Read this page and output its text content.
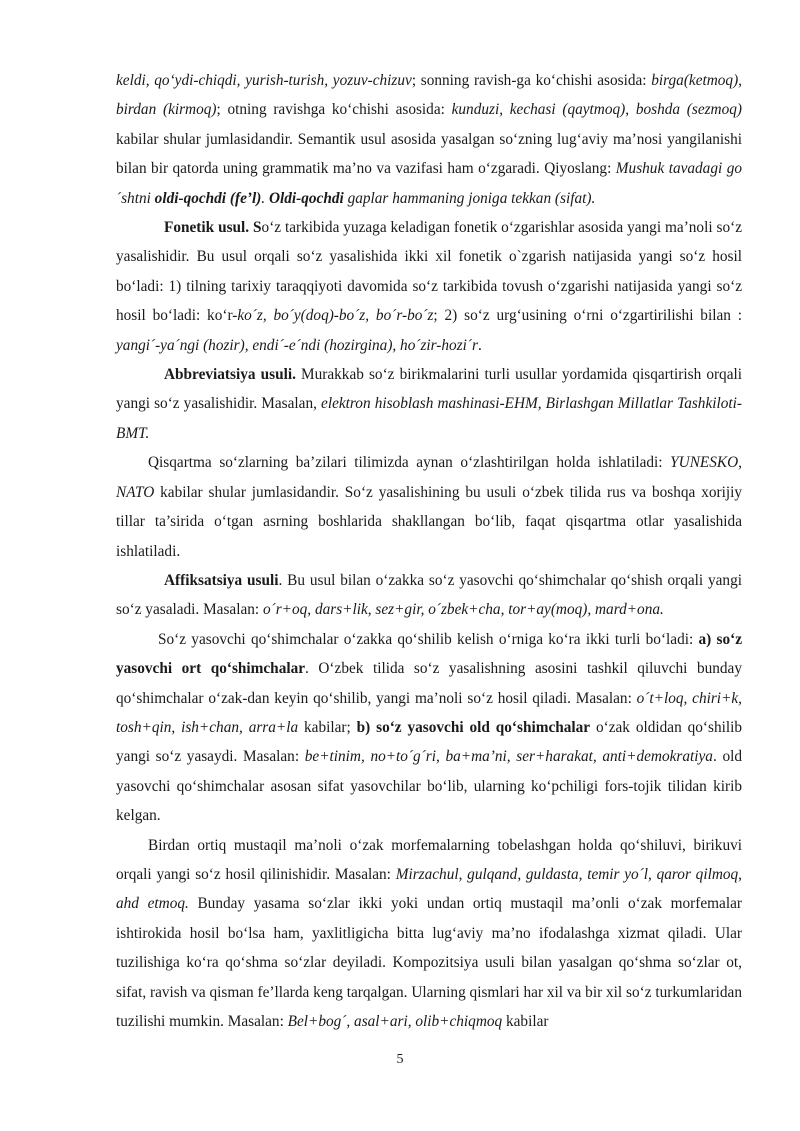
keldi, qo‘ydi-chiqdi, yurish-turish, yozuv-chizuv; sonning ravish-ga ko‘chishi asosida: birga(ketmoq), birdan (kirmoq); otning ravishga ko‘chishi asosida: kunduzi, kechasi (qaytmoq), boshda (sezmoq) kabilar shular jumlasidandir. Semantik usul asosida yasalgan so‘zning lug‘aviy ma’nosi yangilanishi bilan bir qatorda uning grammatik ma’no va vazifasi ham o‘zgaradi. Qiyoslang: Mushuk tavadagi go´shtni oldi-qochdi (fe’l). Oldi-qochdi gaplar hammaning joniga tekkan (sifat).

Fonetik usul. So‘z tarkibida yuzaga keladigan fonetik o‘zgarishlar asosida yangi ma’noli so‘z yasalishidir. Bu usul orqali so‘z yasalishida ikki xil fonetik o`zgarish natijasida yangi so‘z hosil bo‘ladi: 1) tilning tarixiy taraqqiyoti davomida so‘z tarkibida tovush o‘zgarishi natijasida yangi so‘z hosil bo‘ladi: ko‘r-ko´z, bo´y(doq)-bo´z, bo´r-bo´z; 2) so‘z urg‘usining o‘rni o‘zgartirilishi bilan : yangi´-ya´ngi (hozir), endi´-e´ndi (hozirgina), ho´zir-hozi´r.

Abbreviatsiya usuli. Murakkab so‘z birikmalarini turli usullar yordamida qisqartirish orqali yangi so‘z yasalishidir. Masalan, elektron hisoblash mashinasi-EHM, Birlashgan Millatlar Tashkiloti-BMT.

Qisqartma so‘zlarning ba’zilari tilimizda aynan o‘zlashtirilgan holda ishlatiladi: YUNESKO, NATO kabilar shular jumlasidandir. So‘z yasalishining bu usuli o‘zbek tilida rus va boshqa xorijiy tillar ta’sirida o‘tgan asrning boshlarida shakllangan bo‘lib, faqat qisqartma otlar yasalishida ishlatiladi.

Affiksatsiya usuli. Bu usul bilan o‘zakka so‘z yasovchi qo‘shimchalar qo‘shish orqali yangi so‘z yasaladi. Masalan: o´r+oq, dars+lik, sez+gir, o´zbek+cha, tor+ay(moq), mard+ona.

So‘z yasovchi qo‘shimchalar o‘zakka qo‘shilib kelish o‘rniga ko‘ra ikki turli bo‘ladi: a) so‘z yasovchi ort qo‘shimchalar. O‘zbek tilida so‘z yasalishning asosini tashkil qiluvchi bunday qo‘shimchalar o‘zak-dan keyin qo‘shilib, yangi ma’noli so‘z hosil qiladi. Masalan: o´t+loq, chiri+k, tosh+qin, ish+chan, arra+la kabilar; b) so‘z yasovchi old qo‘shimchalar o‘zak oldidan qo‘shilib yangi so‘z yasaydi. Masalan: be+tinim, no+to´g´ri, ba+ma’ni, ser+harakat, anti+demokratiya. old yasovchi qo‘shimchalar asosan sifat yasovchilar bo‘lib, ularning ko‘pchiligi fors-tojik tilidan kirib kelgan.

Birdan ortiq mustaqil ma’noli o‘zak morfemalarning tobelashgan holda qo‘shiluvi, birikuvi orqali yangi so‘z hosil qilinishidir. Masalan: Mirzachul, gulqand, guldasta, temir yo´l, qaror qilmoq, ahd etmoq. Bunday yasama so‘zlar ikki yoki undan ortiq mustaqil ma’onli o‘zak morfemalar ishtirokida hosil bo‘lsa ham, yaxlitligicha bitta lug‘aviy ma’no ifodalashga xizmat qiladi. Ular tuzilishiga ko‘ra qo‘shma so‘zlar deyiladi. Kompozitsiya usuli bilan yasalgan qo‘shma so‘zlar ot, sifat, ravish va qisman fe’llarda keng tarqalgan. Ularning qismlari har xil va bir xil so‘z turkumlaridan tuzilishi mumkin. Masalan: Bel+bog´, asal+ari, olib+chiqmoq kabilar

5
